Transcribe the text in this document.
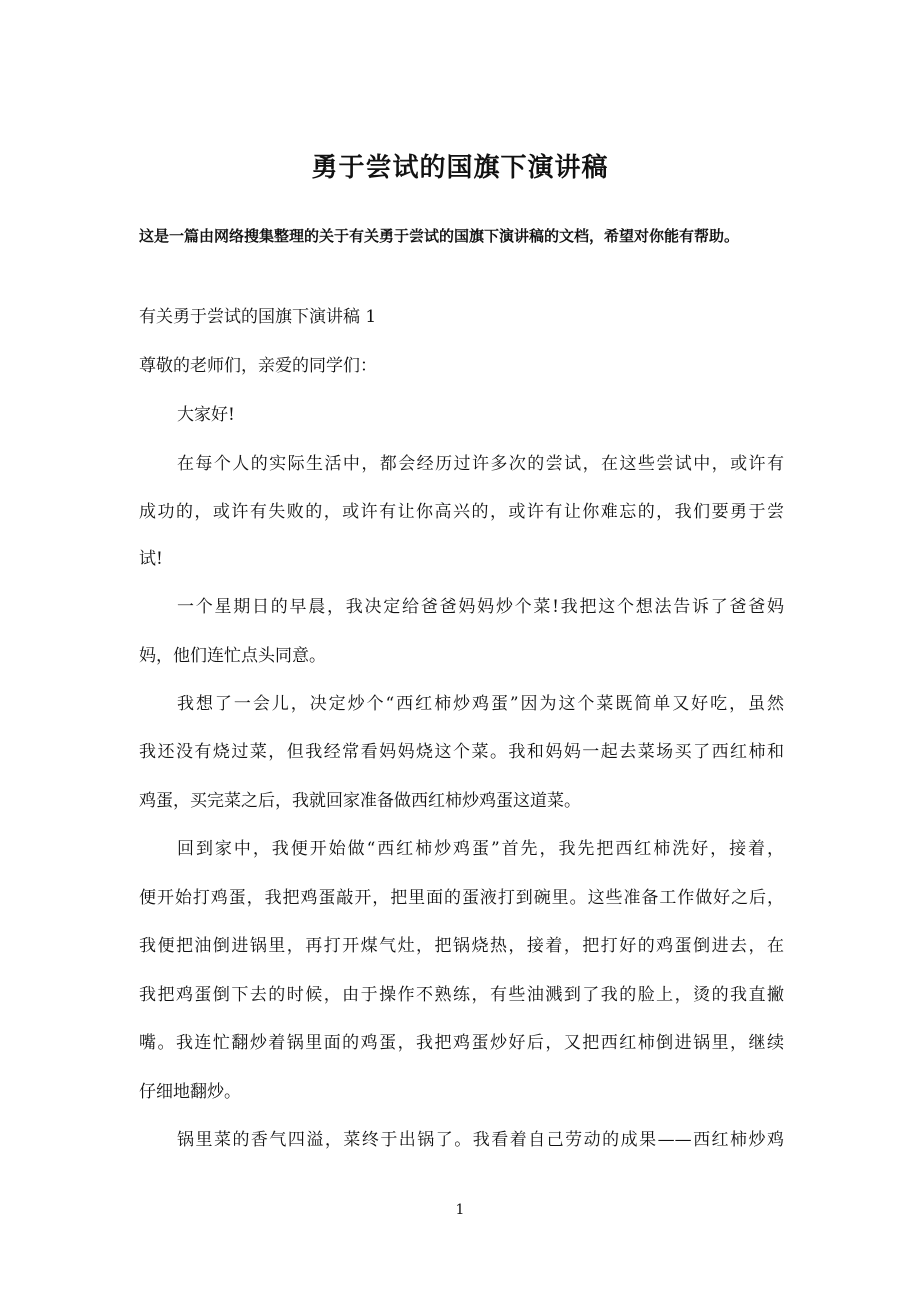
勇于尝试的国旗下演讲稿

这是一篇由网络搜集整理的关于有关勇于尝试的国旗下演讲稿的文档，希望对你能有帮助。

有关勇于尝试的国旗下演讲稿 1

尊敬的老师们，亲爱的同学们：

大家好!

在每个人的实际生活中，都会经历过许多次的尝试，在这些尝试中，或许有

成功的，或许有失败的，或许有让你高兴的，或许有让你难忘的，我们要勇于尝

试!

一个星期日的早晨，我决定给爸爸妈妈炒个菜!我把这个想法告诉了爸爸妈

妈，他们连忙点头同意。

我想了一会儿，决定炒个“西红柿炒鸡蛋”因为这个菜既简单又好吃，虽然

我还没有烧过菜，但我经常看妈妈烧这个菜。我和妈妈一起去菜场买了西红柿和

鸡蛋，买完菜之后，我就回家准备做西红柿炒鸡蛋这道菜。

回到家中，我便开始做“西红柿炒鸡蛋”首先，我先把西红柿洗好，接着，

便开始打鸡蛋，我把鸡蛋敲开，把里面的蛋液打到碗里。这些准备工作做好之后，

我便把油倒进锅里，再打开煤气灶，把锅烧热，接着，把打好的鸡蛋倒进去，在

我把鸡蛋倒下去的时候，由于操作不熟练，有些油溅到了我的脸上，烫的我直撇

嘴。我连忙翻炒着锅里面的鸡蛋，我把鸡蛋炒好后，又把西红柿倒进锅里，继续

仔细地翻炒。

锅里菜的香气四溢，菜终于出锅了。我看着自己劳动的成果——西红柿炒鸡

1
